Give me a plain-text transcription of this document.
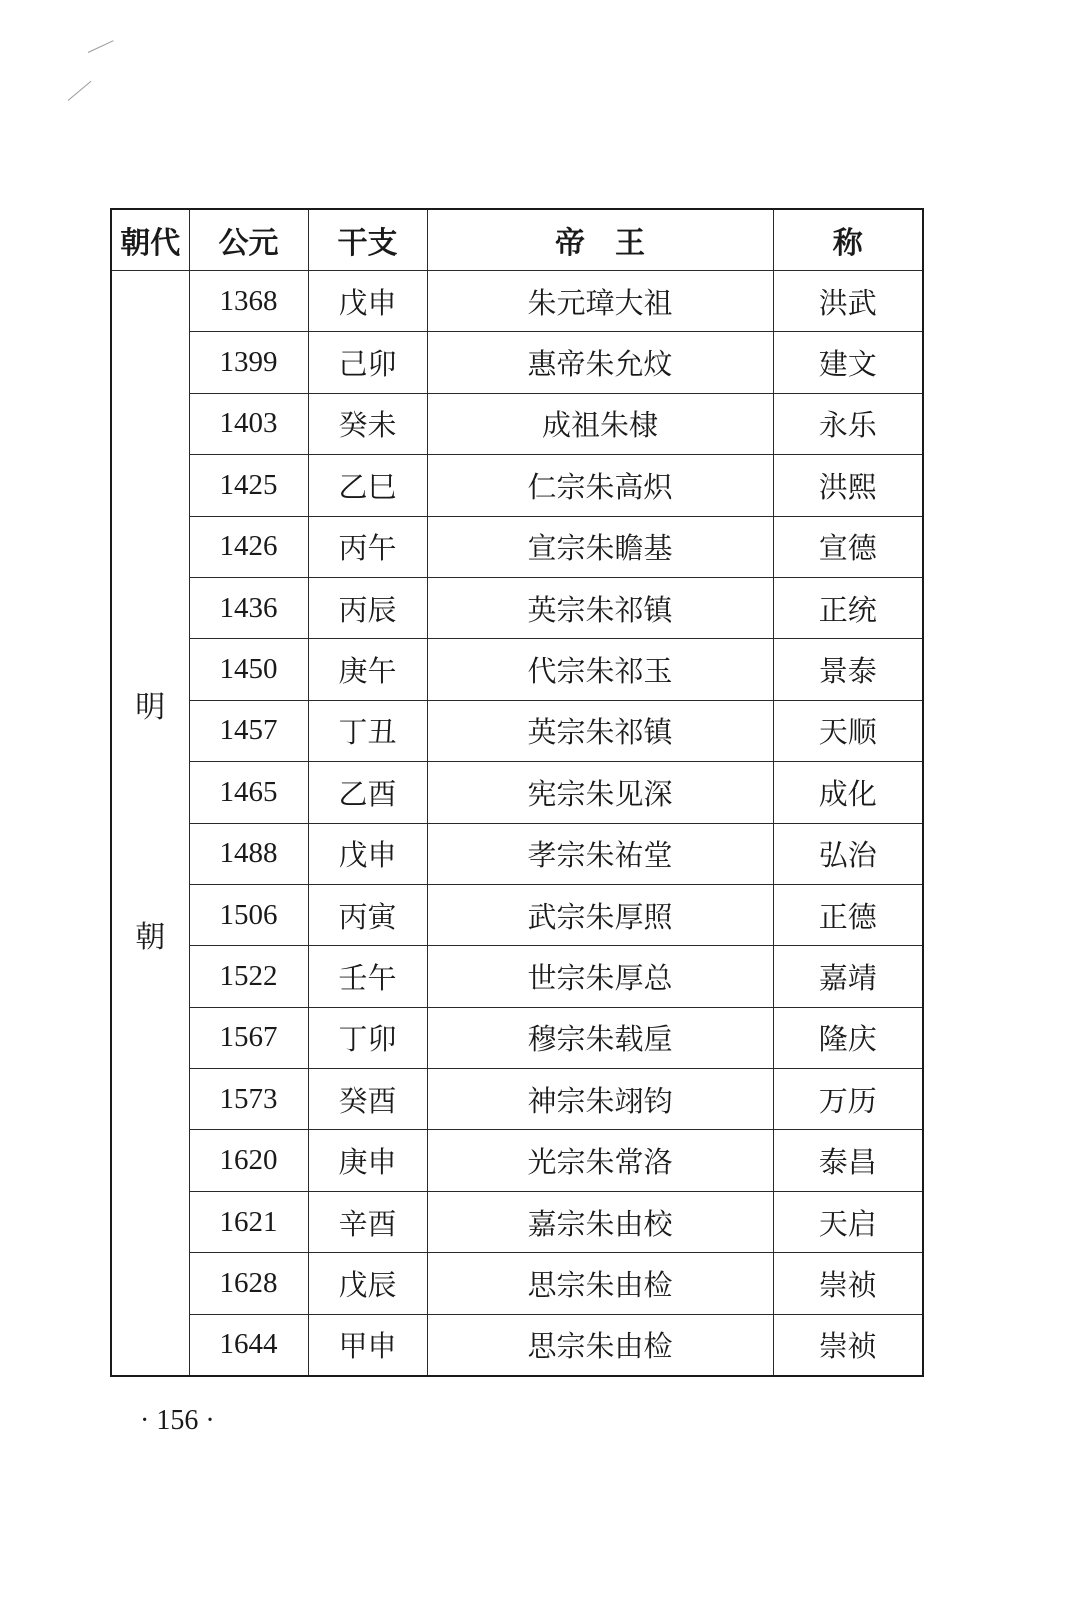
朝代	公元	干支	帝　王	称

明
朝	1368	戊申	朱元璋大祖	洪武
	1399	己卯	惠帝朱允炆	建文
	1403	癸未	成祖朱棣	永乐
	1425	乙巳	仁宗朱高炽	洪熙
	1426	丙午	宣宗朱瞻基	宣德
	1436	丙辰	英宗朱祁镇	正统
	1450	庚午	代宗朱祁玉	景泰
	1457	丁丑	英宗朱祁镇	天顺
	1465	乙酉	宪宗朱见深	成化
	1488	戊申	孝宗朱祐堂	弘治
	1506	丙寅	武宗朱厚照	正德
	1522	壬午	世宗朱厚总	嘉靖
	1567	丁卯	穆宗朱载垕	隆庆
	1573	癸酉	神宗朱翊钧	万历
	1620	庚申	光宗朱常洛	泰昌
	1621	辛酉	嘉宗朱由校	天启
	1628	戊辰	思宗朱由检	崇祯
	1644	甲申	思宗朱由检	崇祯
· 156 ·
